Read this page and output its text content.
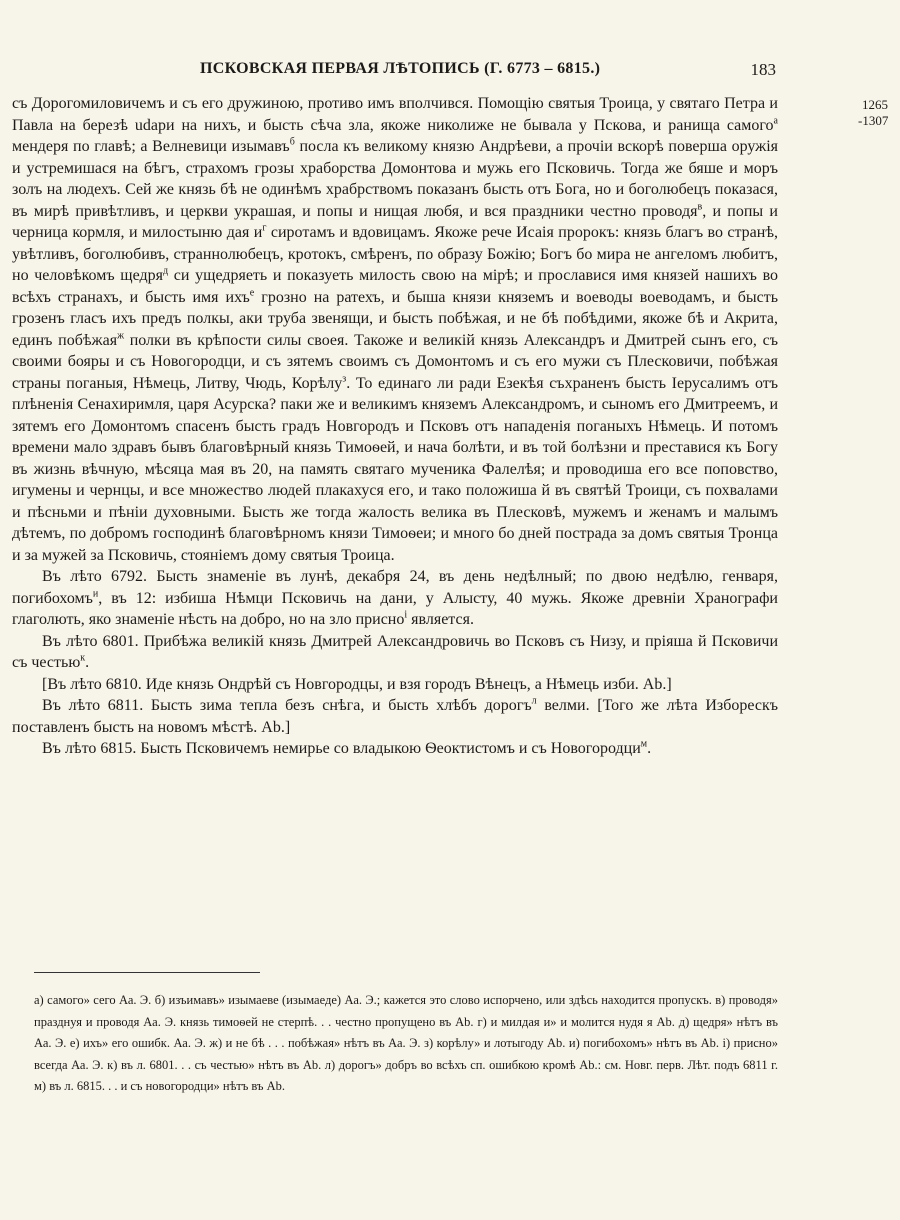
ПСКОВСКАЯ ПЕРВАЯ ЛѢТОПИСЬ (Г. 6773 – 6815.)	183
1265 -1307

съ Дорогомиловичемъ и съ его дружиною, противо имъ вполчився. Помощію святыя Троица, у святаго Петра и Павла на березѣ udари на нихъ, и бысть сѣча зла, якоже николиже не бывала у Пскова, и ранища самого$^а$ мендеря по главѣ; а Велневици изымавъ$^б$ посла къ великому князю Андрѣеви, а прочіи вскорѣ поверша оружія и устремишася на бѣгъ, страхомъ грозы храборства Домонтова и мужь его Псковичь. Тогда же бяше и моръ золъ на людехъ. Сей же князь бѣ не одинѣмъ храбрствомъ показанъ бысть отъ Бога, но и боголюбецъ показася, въ мирѣ привѣтливъ, и церкви украшая, и попы и нищая любя, и вся праздники честно проводя$^в$, и попы и черница кормля, и милостыню дая $и^г$ сиротамъ и вдовицамъ. Якоже рече Исаія пророкъ: князь благъ во странѣ, увѣтливъ, боголюбивъ, страннолюбецъ, кротокъ, смѣренъ, по образу Божію; Богъ бо мира не ангеломъ любитъ, но человѣкомъ щедря$^д$ си ущедряеть и показуеть милость свою на мірѣ; и прославися имя князей нашихъ во всѣхъ странахъ, и бысть имя ихъ$^е$ грозно на ратехъ, и быша князи княземъ и воеводы воеводамъ, и бысть грозенъ гласъ ихъ предъ полкы, аки труба звенящи, и бысть побѣжая, и не бѣ побѣдими, якоже бѣ и Акрита, единъ побѣжая$^ж$ полки въ крѣпости силы своея. Такоже и великій князь Александръ и Дмитрей сынъ его, съ своими бояры и съ Новогородци, и съ зятемъ своимъ съ Домонтомъ и съ его мужи съ Плесковичи, побѣжая страны поганыя, Нѣмець, Литву, Чюдь, Корѣлу$^з$. То единаго ли ради Езекѣя съхраненъ бысть Іерусалимъ отъ плѣненія Сенахиримля, царя Асурска? паки же и великимъ княземъ Александромъ, и сыномъ его Дмитреемъ, и зятемъ его Домонтомъ спасенъ бысть градъ Новгородъ и Псковъ отъ нападенія поганыхъ Нѣмець. И потомъ времени мало здравъ бывъ благовѣрный князь Тимоѳей, и нача болѣти, и въ той болѣзни и преставися къ Богу въ жизнь вѣчную, мѣсяца мая въ 20, на память святаго мученика Фалелѣя; и проводиша его все поповство, игумены и чернцы, и все множество людей плакахуся его, и тако положиша й въ святѣй Троици, съ похвалами и пѣсньми и пѣніи духовными. Бысть же тогда жалость велика въ Плесковѣ, мужемъ и женамъ и малымъ дѣтемъ, по добромъ господинѣ благовѣрномъ князи Тимоѳеи; и много бо дней пострада за домъ святыя Тронца и за мужей за Псковичь, стояніемъ дому святыя Троица.

Въ лѣто 6792. Бысть знаменіе въ лунѣ, декабря 24, въ день недѣлный; по двою недѣлю, генваря, погибохомъ$^и$, въ 12: избиша Нѣмци Псковичь на дани, у Алысту, 40 мужь. Якоже древніи Хранографи глаголють, яко знаменіе нѣсть на добро, но на зло присно$^і$ является.

Въ лѣто 6801. Прибѣжа великій князь Дмитрей Александровичь во Псковъ съ Низу, и пріяша й Псковичи съ честью$^к$.

[Въ лѣто 6810. Иде князь Ондрѣй съ Новгородцы, и взя городъ Вѣнецъ, а Нѣмець изби. Аb.]

Въ лѣто 6811. Бысть зима тепла безъ снѣга, и бысть хлѣбъ дорогъ$^л$ велми. [Того же лѣта Изборескъ поставленъ бысть на новомъ мѣстѣ. Аb.]

Въ лѣто 6815. Бысть Псковичемъ немирье со владыкою Ѳеоктистомъ и съ Новогородци$^м$.

а) самого» сего Аа. Э. б) изъимавъ» изымаеве (изымаеде) Аа. Э.; кажется это слово испорчено, или здѣсь находится пропускъ. в) проводя» празднуя и проводя Аа. Э. князь тимоѳей не стерпѣ. . . честно пропущено въ Аb. г) и милдая и» и молится нудя я Аb. д) щедря» нѣтъ въ Аа. Э. е) ихъ» его ошибк. Аа. Э. ж) и не бѣ . . . побѣжая» нѣтъ въ Аа. Э. з) корѣлу» и лотыгоду Аb. и) погибохомъ» нѣтъ въ Аb. і) присно» всегда Аа. Э. к) въ л. 6801. . . съ честью» нѣтъ въ Аb. л) дорогъ» добръ во всѣхъ сп. ошибкою кромѣ Аb.: см. Новг. перв. Лѣт. подъ 6811 г. м) въ л. 6815. . . и съ новогородци» нѣтъ въ Аb.
